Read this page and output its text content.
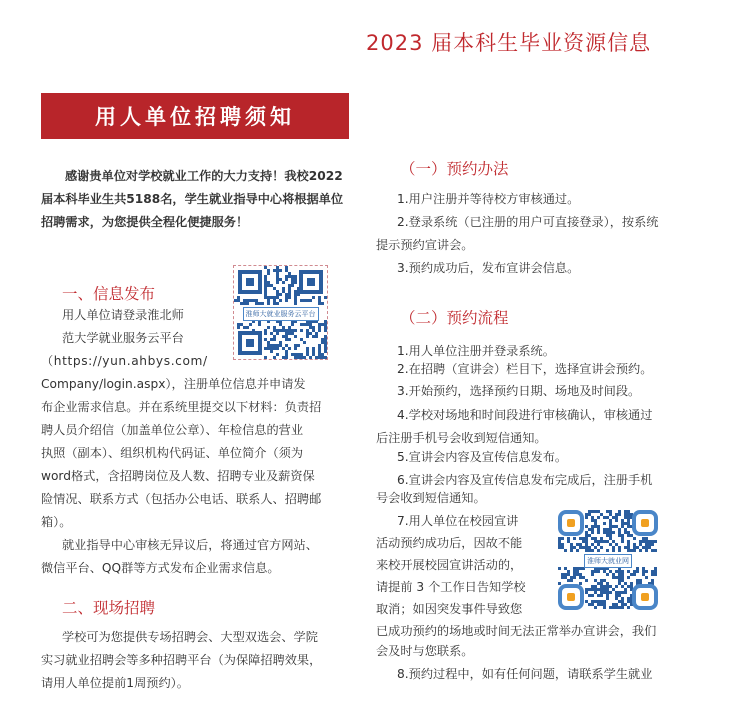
2023 届本科生毕业资源信息
用人单位招聘须知

感谢贵单位对学校就业工作的大力支持！我校2022届本科毕业生共5188名，学生就业指导中心将根据单位招聘需求，为您提供全程化便捷服务！

一、信息发布
用人单位请登录淮北师
范大学就业服务云平台
（https://yun.ahbys.com/
Company/login.aspx），注册单位信息并申请发
布企业需求信息。并在系统里提交以下材料：负责招
聘人员介绍信（加盖单位公章）、年检信息的营业
执照（副本）、组织机构代码证、单位简介（须为
word格式，含招聘岗位及人数、招聘专业及薪资保
险情况、联系方式（包括办公电话、联系人、招聘邮
箱）。
就业指导中心审核无异议后，将通过官方网站、
微信平台、QQ群等方式发布企业需求信息。
淮师大就业服务云平台
二、现场招聘
学校可为您提供专场招聘会、大型双选会、学院
实习就业招聘会等多种招聘平台（为保障招聘效果，
请用人单位提前1周预约）。
（一）预约办法
1.用户注册并等待校方审核通过。
2.登录系统（已注册的用户可直接登录），按系统
提示预约宣讲会。
3.预约成功后，发布宣讲会信息。
（二）预约流程
1.用人单位注册并登录系统。
2.在招聘（宣讲会）栏目下，选择宣讲会预约。
3.开始预约，选择预约日期、场地及时间段。
4.学校对场地和时间段进行审核确认，审核通过
后注册手机号会收到短信通知。
5.宣讲会内容及宣传信息发布。
6.宣讲会内容及宣传信息发布完成后，注册手机
号会收到短信通知。
7.用人单位在校园宣讲
活动预约成功后，因故不能
来校开展校园宣讲活动的，
请提前 3 个工作日告知学校
取消；如因突发事件导致您
已成功预约的场地或时间无法正常举办宣讲会，我们
会及时与您联系。
8.预约过程中，如有任何问题，请联系学生就业
淮师大就业网
